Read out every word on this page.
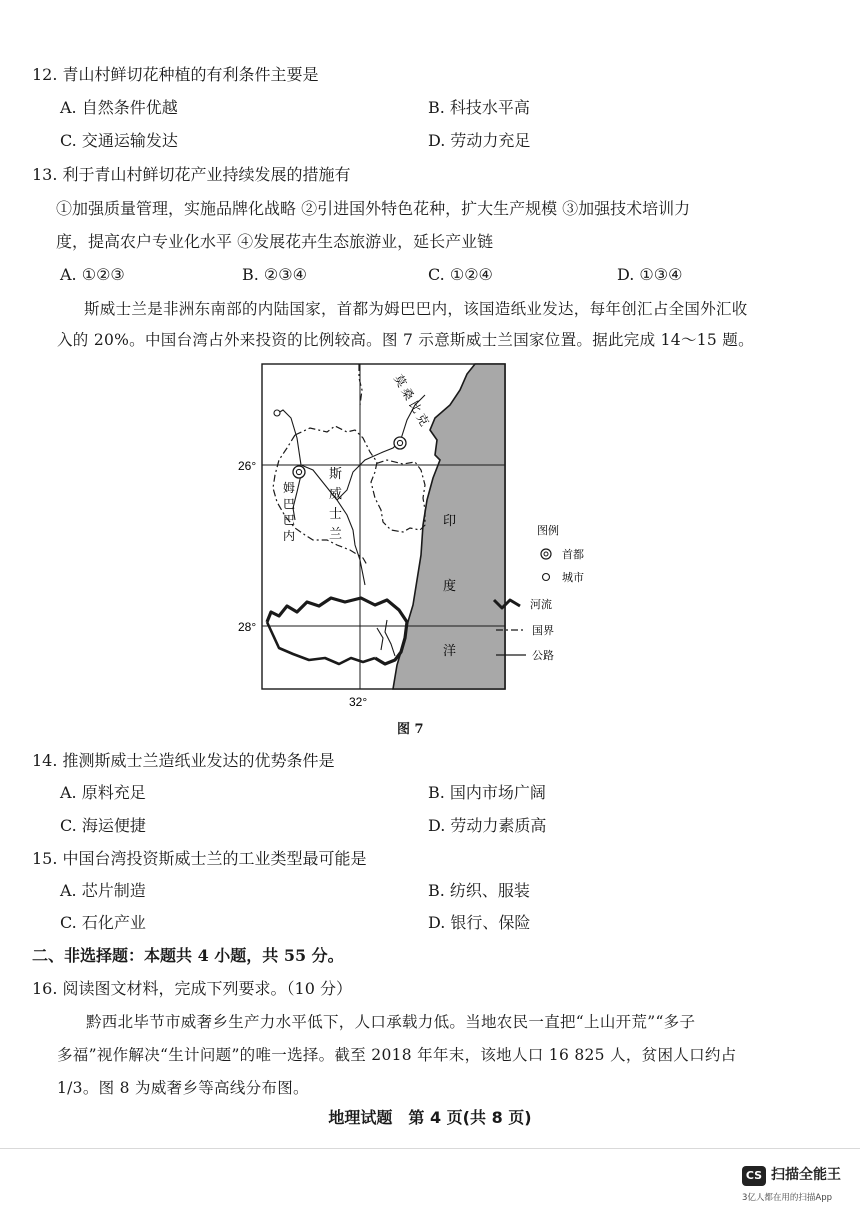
12. 青山村鲜切花种植的有利条件主要是
A. 自然条件优越	B. 科技水平高
C. 交通运输发达	D. 劳动力充足
13. 利于青山村鲜切花产业持续发展的措施有
①加强质量管理，实施品牌化战略 ②引进国外特色花种，扩大生产规模 ③加强技术培训力
度，提高农户专业化水平 ④发展花卉生态旅游业，延长产业链
A. ①②③	B. ②③④	C. ①②④	D. ①③④
斯威士兰是非洲东南部的内陆国家，首都为姆巴巴内，该国造纸业发达，每年创汇占全国外汇收
入的 20%。中国台湾占外来投资的比例较高。图 7 示意斯威士兰国家位置。据此完成 14～15 题。
26°
28°
32°
斯
威
士
兰
姆
巴
巴
内
莫
桑
比
克
印
度
洋
图例
首都
城市
河流
国界
公路
图 7
14. 推测斯威士兰造纸业发达的优势条件是
A. 原料充足	B. 国内市场广阔
C. 海运便捷	D. 劳动力素质高
15. 中国台湾投资斯威士兰的工业类型最可能是
A. 芯片制造	B. 纺织、服装
C. 石化产业	D. 银行、保险
二、非选择题：本题共 4 小题，共 55 分。
16. 阅读图文材料，完成下列要求。（10 分）
黔西北毕节市威奢乡生产力水平低下，人口承载力低。当地农民一直把“上山开荒”“多子
多福”视作解决“生计问题”的唯一选择。截至 2018 年年末，该地人口 16 825 人，贫困人口约占
1/3。图 8 为威奢乡等高线分布图。
地理试题　第 4 页(共 8 页)
CS 扫描全能王
3亿人都在用的扫描App
